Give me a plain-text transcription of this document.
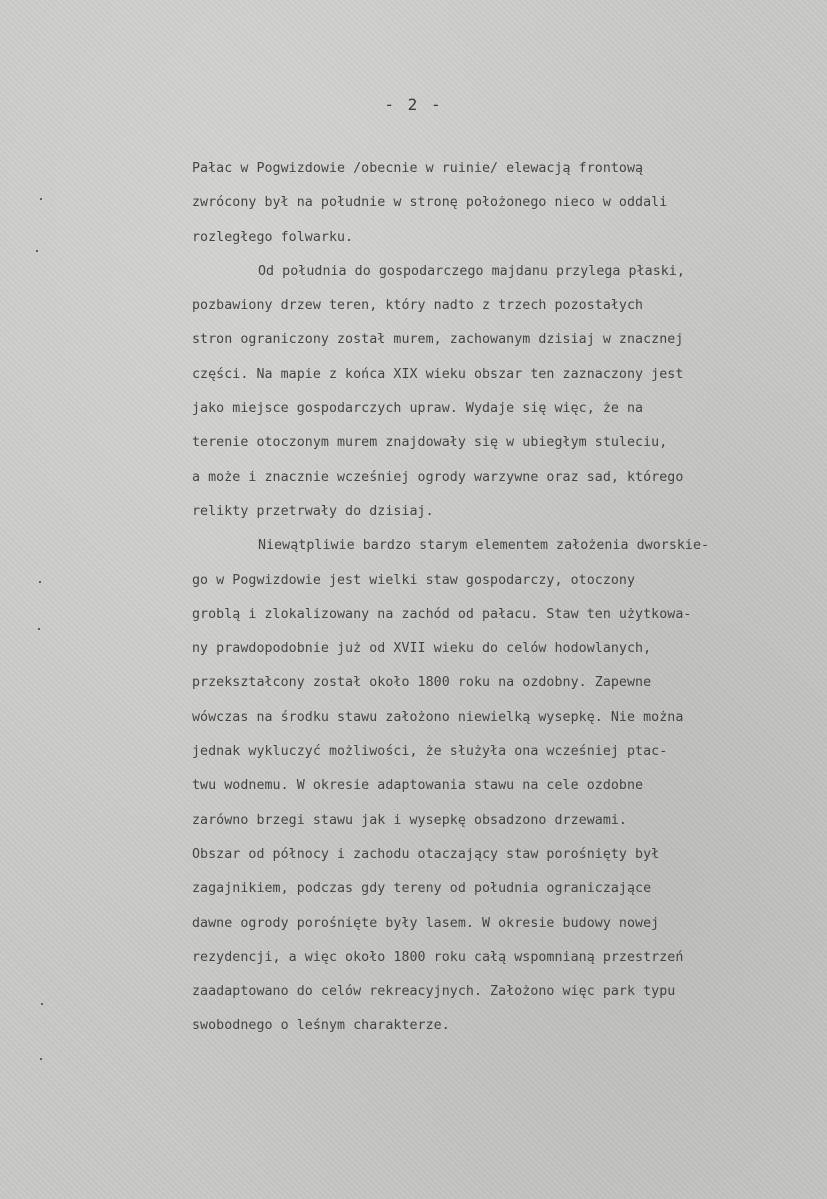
- 2 -
Pałac w Pogwizdowie /obecnie w ruinie/ elewacją frontową
zwrócony był na południe w stronę położonego nieco w oddali
rozległego folwarku.
Od południa do gospodarczego majdanu przylega płaski,
pozbawiony drzew teren, który nadto z trzech pozostałych
stron ograniczony został murem, zachowanym dzisiaj w znacznej
części. Na mapie z końca XIX wieku obszar ten zaznaczony jest
jako miejsce gospodarczych upraw. Wydaje się więc, że na
terenie otoczonym murem znajdowały się w ubiegłym stuleciu,
a może i znacznie wcześniej ogrody warzywne oraz sad, którego
relikty przetrwały do dzisiaj.
Niewątpliwie bardzo starym elementem założenia dworskie-
go w Pogwizdowie jest wielki staw gospodarczy, otoczony
groblą i zlokalizowany na zachód od pałacu. Staw ten użytkowa-
ny prawdopodobnie już od XVII wieku do celów hodowlanych,
przekształcony został około 1800 roku na ozdobny. Zapewne
wówczas na środku stawu założono niewielką wysepkę. Nie można
jednak wykluczyć możliwości, że służyła ona wcześniej ptac-
twu wodnemu. W okresie adaptowania stawu na cele ozdobne
zarówno brzegi stawu jak i wysepkę obsadzono drzewami.
Obszar od północy i zachodu otaczający staw porośnięty był
zagajnikiem, podczas gdy tereny od południa ograniczające
dawne ogrody porośnięte były lasem. W okresie budowy nowej
rezydencji, a więc około 1800 roku całą wspomnianą przestrzeń
zaadaptowano do celów rekreacyjnych. Założono więc park typu
swobodnego o leśnym charakterze.
